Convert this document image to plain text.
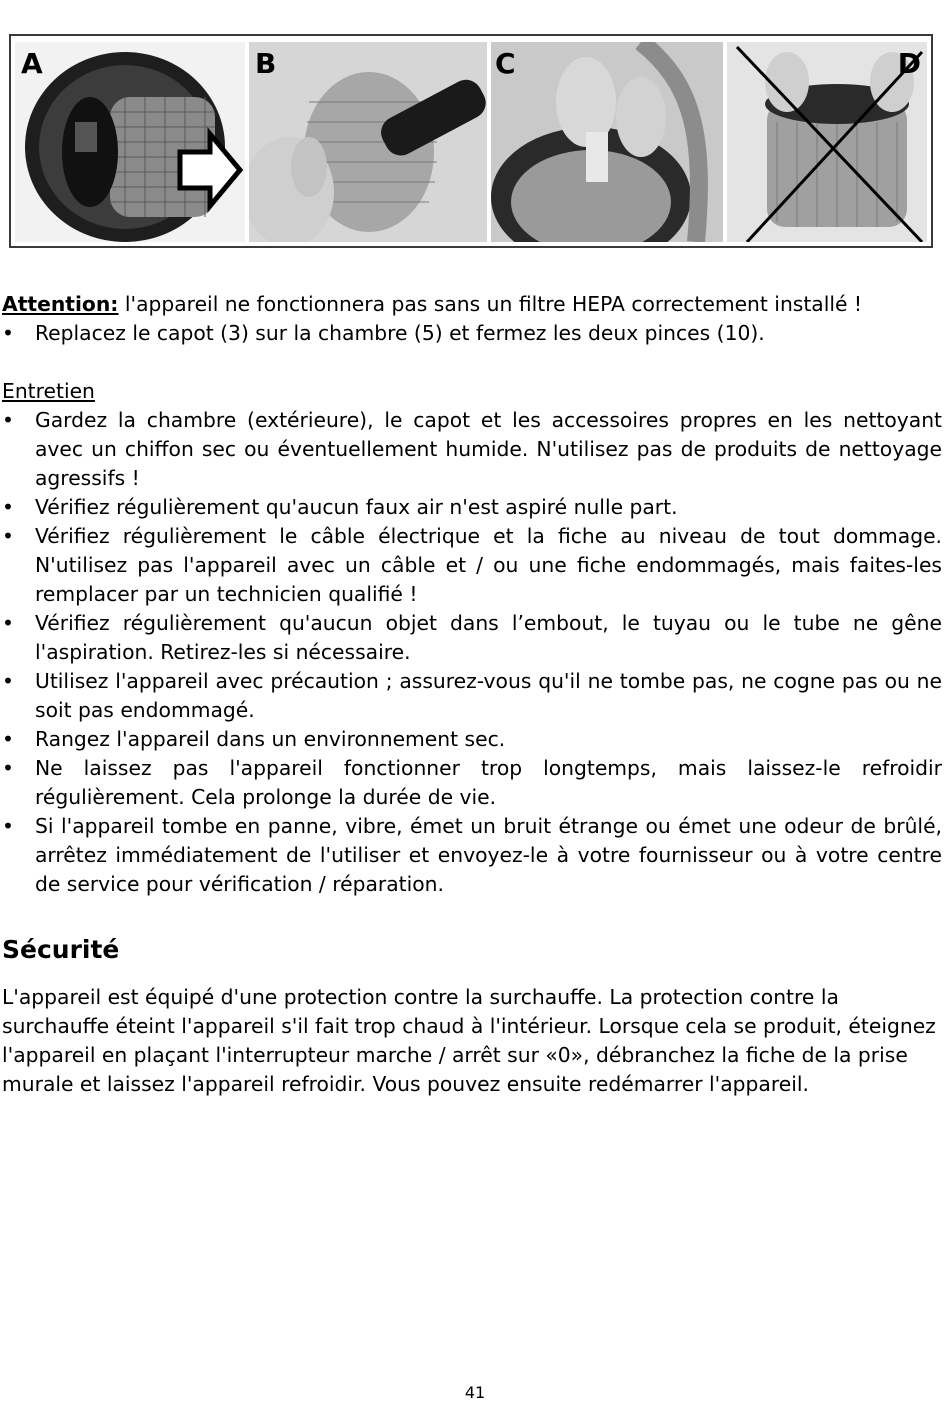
A	B	C	D

Attention: l'appareil ne fonctionnera pas sans un filtre HEPA correctement installé !

• Replacez le capot (3) sur la chambre (5) et fermez les deux pinces (10).

Entretien

• Gardez la chambre (extérieure), le capot et les accessoires propres en les nettoyant avec un chiffon sec ou éventuellement humide. N'utilisez pas de produits de nettoyage agressifs !
• Vérifiez régulièrement qu'aucun faux air n'est aspiré nulle part.
• Vérifiez régulièrement le câble électrique et la fiche au niveau de tout dommage. N'utilisez pas l'appareil avec un câble et / ou une fiche endommagés, mais faites-les remplacer par un technicien qualifié !
• Vérifiez régulièrement qu'aucun objet dans l’embout, le tuyau ou le tube ne gêne l'aspiration. Retirez-les si nécessaire.
• Utilisez l'appareil avec précaution ; assurez-vous qu'il ne tombe pas, ne cogne pas ou ne soit pas endommagé.
• Rangez l'appareil dans un environnement sec.
• Ne laissez pas l'appareil fonctionner trop longtemps, mais laissez-le refroidir régulièrement. Cela prolonge la durée de vie.
• Si l'appareil tombe en panne, vibre, émet un bruit étrange ou émet une odeur de brûlé, arrêtez immédiatement de l'utiliser et envoyez-le à votre fournisseur ou à votre centre de service pour vérification / réparation.
Sécurité

L'appareil est équipé d'une protection contre la surchauffe. La protection contre la surchauffe éteint l'appareil s'il fait trop chaud à l'intérieur. Lorsque cela se produit, éteignez l'appareil en plaçant l'interrupteur marche / arrêt sur «0», débranchez la fiche de la prise murale et laissez l'appareil refroidir. Vous pouvez ensuite redémarrer l'appareil.

41
